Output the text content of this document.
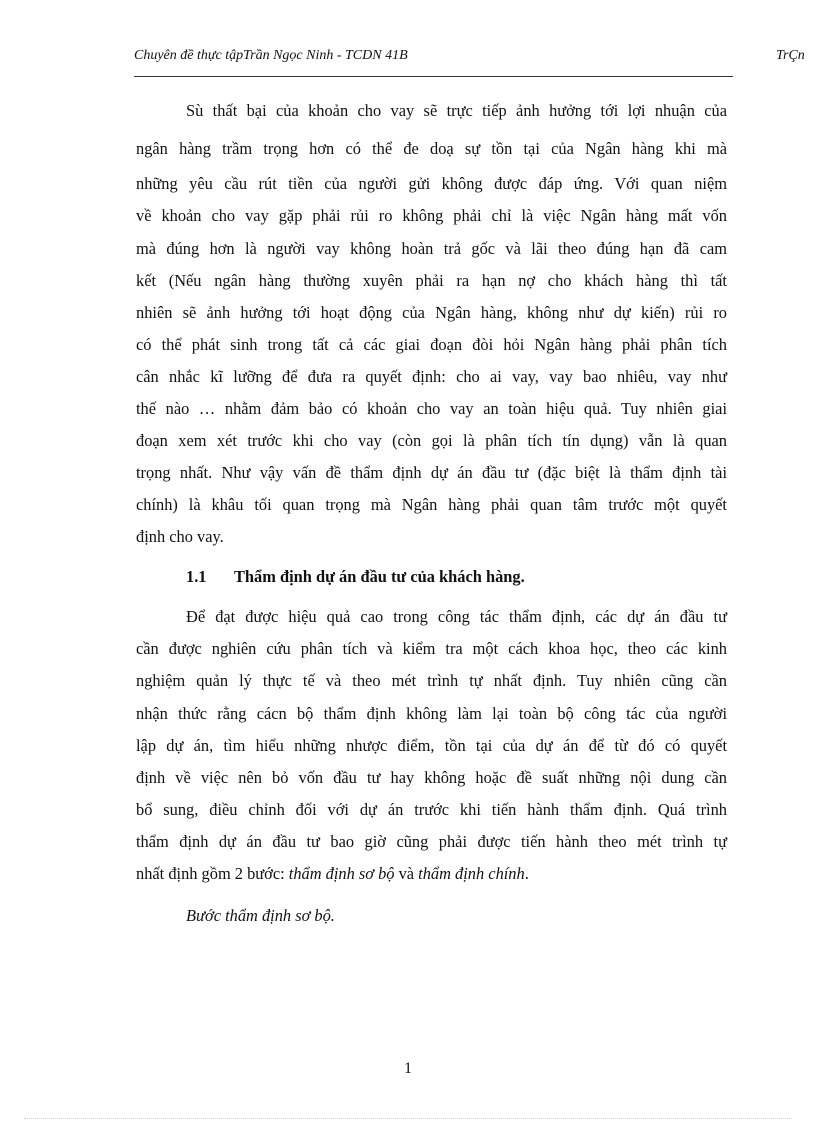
Chuyên đề thực tậpTrần Ngọc Ninh - TCDN 41B	TrÇn
Sù thất bại của khoản cho vay sẽ trực tiếp ảnh hưởng tới lợi nhuận của
ngân hàng trầm trọng hơn có thể đe doạ sự tồn tại của Ngân hàng khi mà
những yêu cầu rút tiền của người gửi không được đáp ứng. Với quan niệm
về khoản cho vay gặp phải rủi ro không phải chỉ là việc Ngân hàng mất vốn
mà đúng hơn là người vay không hoàn trả gốc và lãi theo đúng hạn đã cam
kết (Nếu ngân hàng thường xuyên phải ra hạn nợ cho khách hàng thì tất
nhiên sẽ ảnh hưởng tới hoạt động của Ngân hàng, không như dự kiến) rủi ro
có thể phát sinh trong tất cả các giai đoạn đòi hỏi Ngân hàng phải phân tích
cân nhắc kĩ lưỡng để đưa ra quyết định: cho ai vay, vay bao nhiêu, vay như
thế nào … nhằm đảm bảo có khoản cho vay an toàn hiệu quả. Tuy nhiên giai
đoạn xem xét trước khi cho vay (còn gọi là phân tích tín dụng) vẫn là quan
trọng nhất. Như vậy vấn đề thẩm định dự án đầu tư (đặc biệt là thẩm định tài
chính) là khâu tối quan trọng mà Ngân hàng phải quan tâm trước một quyết
định cho vay.
1.1 Thẩm định dự án đầu tư của khách hàng.
Để đạt được hiệu quả cao trong công tác thẩm định, các dự án đầu tư
cần được nghiên cứu phân tích và kiểm tra một cách khoa học, theo các kinh
nghiệm quản lý thực tế và theo mét trình tự nhất định. Tuy nhiên cũng cần
nhận thức rằng cácn bộ thẩm định không làm lại toàn bộ công tác của người
lập dự án, tìm hiểu những nhược điểm, tồn tại của dự án để từ đó có quyết
định về việc nên bỏ vốn đầu tư hay không hoặc đề suất những nội dung cần
bổ sung, điều chỉnh đối với dự án trước khi tiến hành thẩm định. Quá trình
thẩm định dự án đầu tư bao giờ cũng phải được tiến hành theo mét trình tự
nhất định gồm 2 bước: thẩm định sơ bộ và thẩm định chính.
Bước thẩm định sơ bộ.
1
